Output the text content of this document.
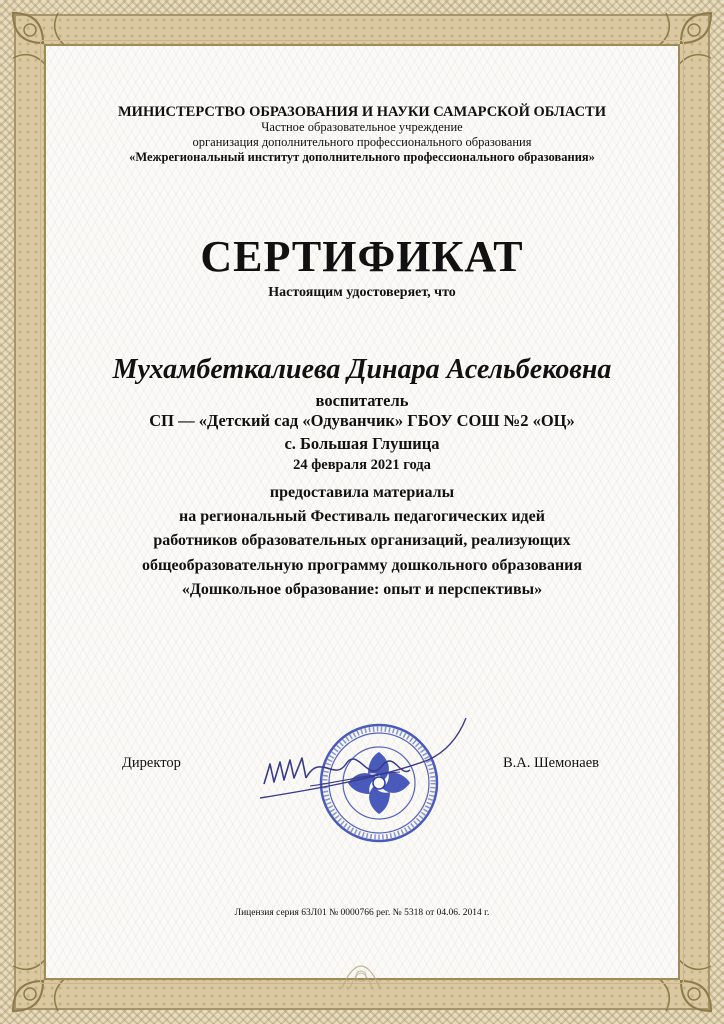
МИНИСТЕРСТВО ОБРАЗОВАНИЯ И НАУКИ САМАРСКОЙ ОБЛАСТИ

Частное образовательное учреждение

организация дополнительного профессионального образования

«Межрегиональный институт дополнительного профессионального образования»

СЕРТИФИКАТ

Настоящим удостоверяет, что

Мухамбеткалиева Динара Асельбековна

воспитатель

СП — «Детский сад «Одуванчик» ГБОУ СОШ №2 «ОЦ»

с. Большая Глушица

24 февраля 2021 года

предоставила материалы

на региональный Фестиваль педагогических идей

работников образовательных организаций, реализующих

общеобразовательную программу дошкольного образования

«Дошкольное образование: опыт и перспективы»

Директор	В.А. Шемонаев
Лицензия серия 63Л01 № 0000766 рег. № 5318 от 04.06. 2014 г.
